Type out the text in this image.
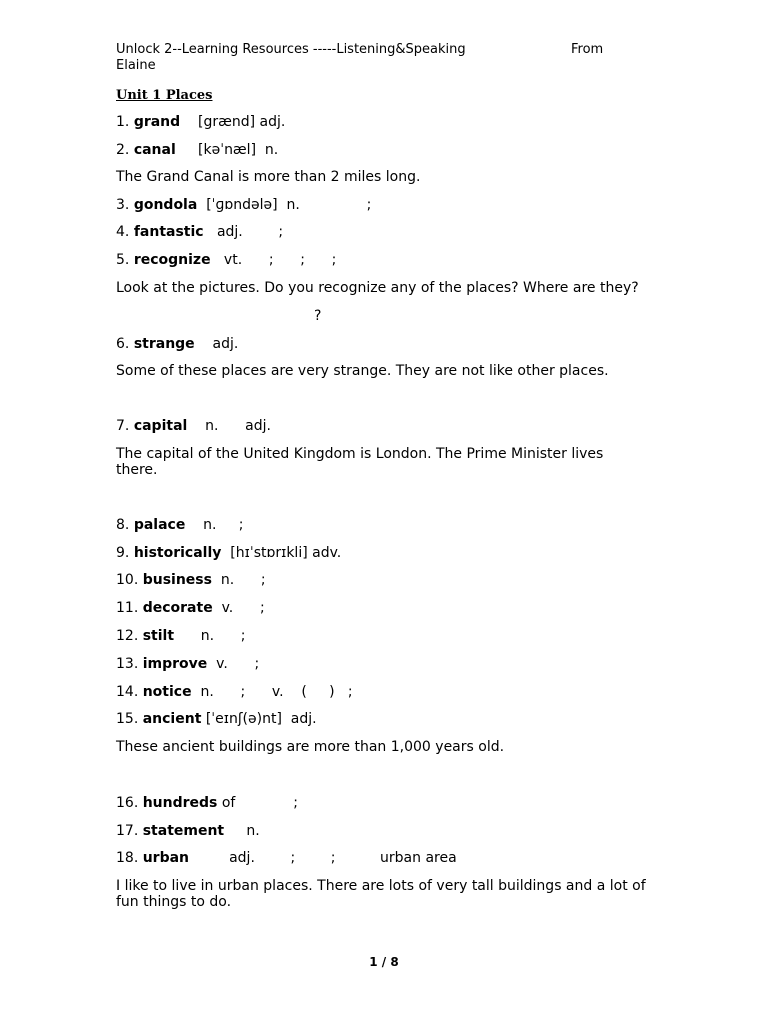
Unlock 2--Learning Resources -----Listening&Speaking	From

Elaine
Unit 1 Places
1. grand    [grænd] adj.
2. canal     [kəˈnæl]  n.
The Grand Canal is more than 2 miles long.
3. gondola  [ˈɡɒndələ]  n.               ;
4. fantastic   adj.        ;
5. recognize   vt.      ;      ;      ;
Look at the pictures. Do you recognize any of the places? Where are they?
?
6. strange    adj.
Some of these places are very strange. They are not like other places.
7. capital    n.      adj.
The capital of the United Kingdom is London. The Prime Minister lives there.
8. palace    n.     ;
9. historically  [hɪˈstɒrɪkli] adv.
10. business  n.      ;
11. decorate  v.      ;
12. stilt      n.      ;
13. improve  v.      ;
14. notice  n.      ;      v.    (     )   ;
15. ancient [ˈeɪnʃ(ə)nt]  adj.
These ancient buildings are more than 1,000 years old.
16. hundreds of             ;
17. statement     n.
18. urban         adj.        ;        ;          urban area
I like to live in urban places. There are lots of very tall buildings and a lot of fun things to do.
1 / 8
